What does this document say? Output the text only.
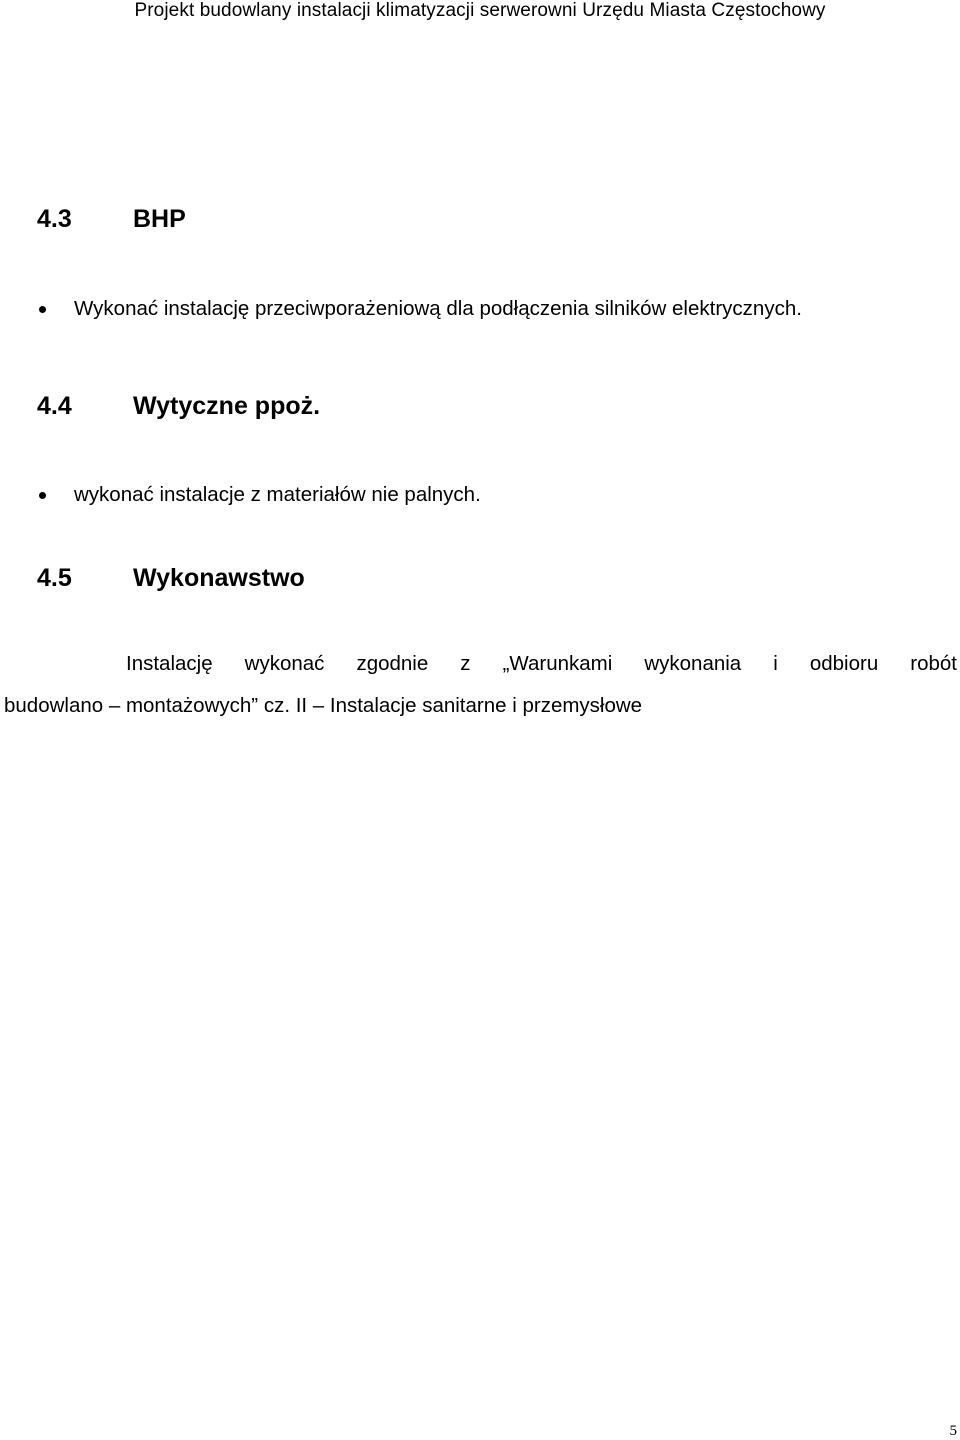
Projekt budowlany instalacji klimatyzacji serwerowni Urzędu Miasta Częstochowy
4.3 BHP
Wykonać instalację przeciwporażeniową dla podłączenia silników elektrycznych.
4.4 Wytyczne ppoż.
wykonać instalacje z materiałów nie palnych.
4.5 Wykonawstwo
Instalację wykonać zgodnie z „Warunkami wykonania i odbioru robót
budowlano – montażowych” cz. II – Instalacje sanitarne i przemysłowe
5
